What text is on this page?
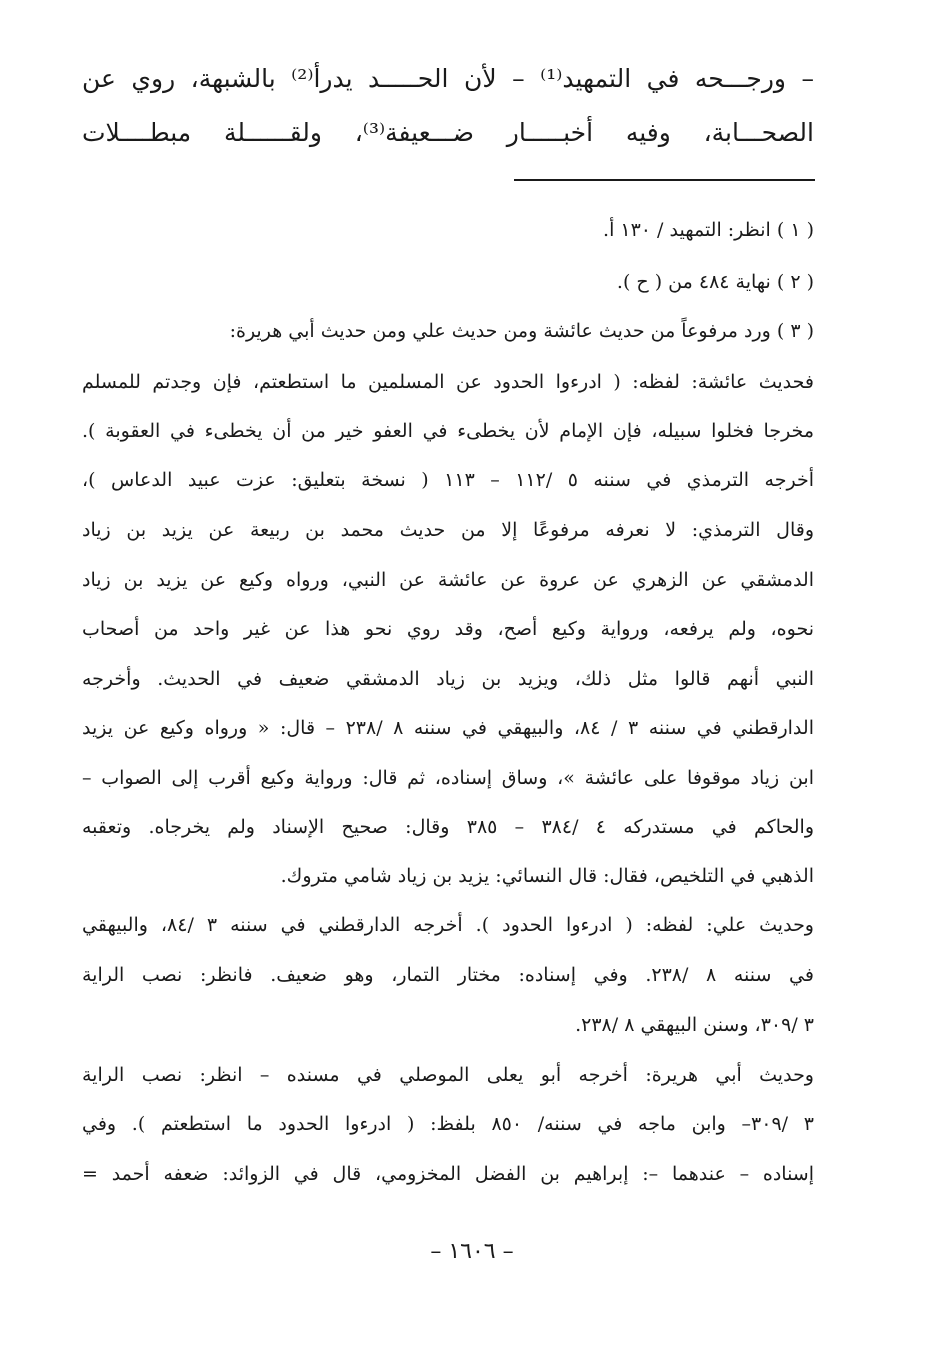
– ورجـــحه في التمهيد⁽¹⁾ – لأن الحـــــد يدرأ⁽²⁾ بالشبهة، روي عن
الصحـــابة، وفيه أخبـــــار ضـــعيفة⁽³⁾، ولقــــــلة مبطــــلات
( ١ ) انظر: التمهيد / ١٣٠ أ.
( ٢ ) نهاية ٤٨٤ من ( ح ).
( ٣ ) ورد مرفوعاً من حديث عائشة ومن حديث علي ومن حديث أبي هريرة:
فحديث عائشة: لفظه: ( ادرءوا الحدود عن المسلمين ما استطعتم، فإن وجدتم للمسلم
مخرجا فخلوا سبيله، فإن الإمام لأن يخطىء في العفو خير من أن يخطىء في العقوبة ).
أخرجه الترمذي في سننه ٥ /١١٢ – ١١٣ ( نسخة بتعليق: عزت عبيد الدعاس )،
وقال الترمذي: لا نعرفه مرفوعًا إلا من حديث محمد بن ربيعة عن يزيد بن زياد
الدمشقي عن الزهري عن عروة عن عائشة عن النبي، ورواه وكيع عن يزيد بن زياد
نحوه، ولم يرفعه، ورواية وكيع أصح، وقد روي نحو هذا عن غير واحد من أصحاب
النبي أنهم قالوا مثل ذلك، ويزيد بن زياد الدمشقي ضعيف في الحديث. وأخرجه
الدارقطني في سننه ٣ / ٨٤، والبيهقي في سننه ٨ /٢٣٨ – قال: « ورواه وكيع عن يزيد
ابن زياد موقوفا على عائشة »، وساق إسناده، ثم قال: ورواية وكيع أقرب إلى الصواب –
والحاكم في مستدركه ٤ /٣٨٤ – ٣٨٥ وقال: صحيح الإسناد ولم يخرجاه. وتعقبه
الذهبي في التلخيص، فقال: قال النسائي: يزيد بن زياد شامي متروك.
وحديث علي: لفظه: ( ادرءوا الحدود ). أخرجه الدارقطني في سننه ٣ /٨٤، والبيهقي
في سننه ٨ /٢٣٨. وفي إسناده: مختار التمار، وهو ضعيف. فانظر: نصب الراية
٣ /٣٠٩، وسنن البيهقي ٨ /٢٣٨.
وحديث أبي هريرة: أخرجه أبو يعلى الموصلي في مسنده – انظر: نصب الراية
٣ /٣٠٩– وابن ماجه في سننه/ ٨٥٠ بلفظ: ( ادرءوا الحدود ما استطعتم ). وفي
إسناده – عندهما –: إبراهيم بن الفضل المخزومي، قال في الزوائد: ضعفه أحمد =
– ١٦٠٦ –
